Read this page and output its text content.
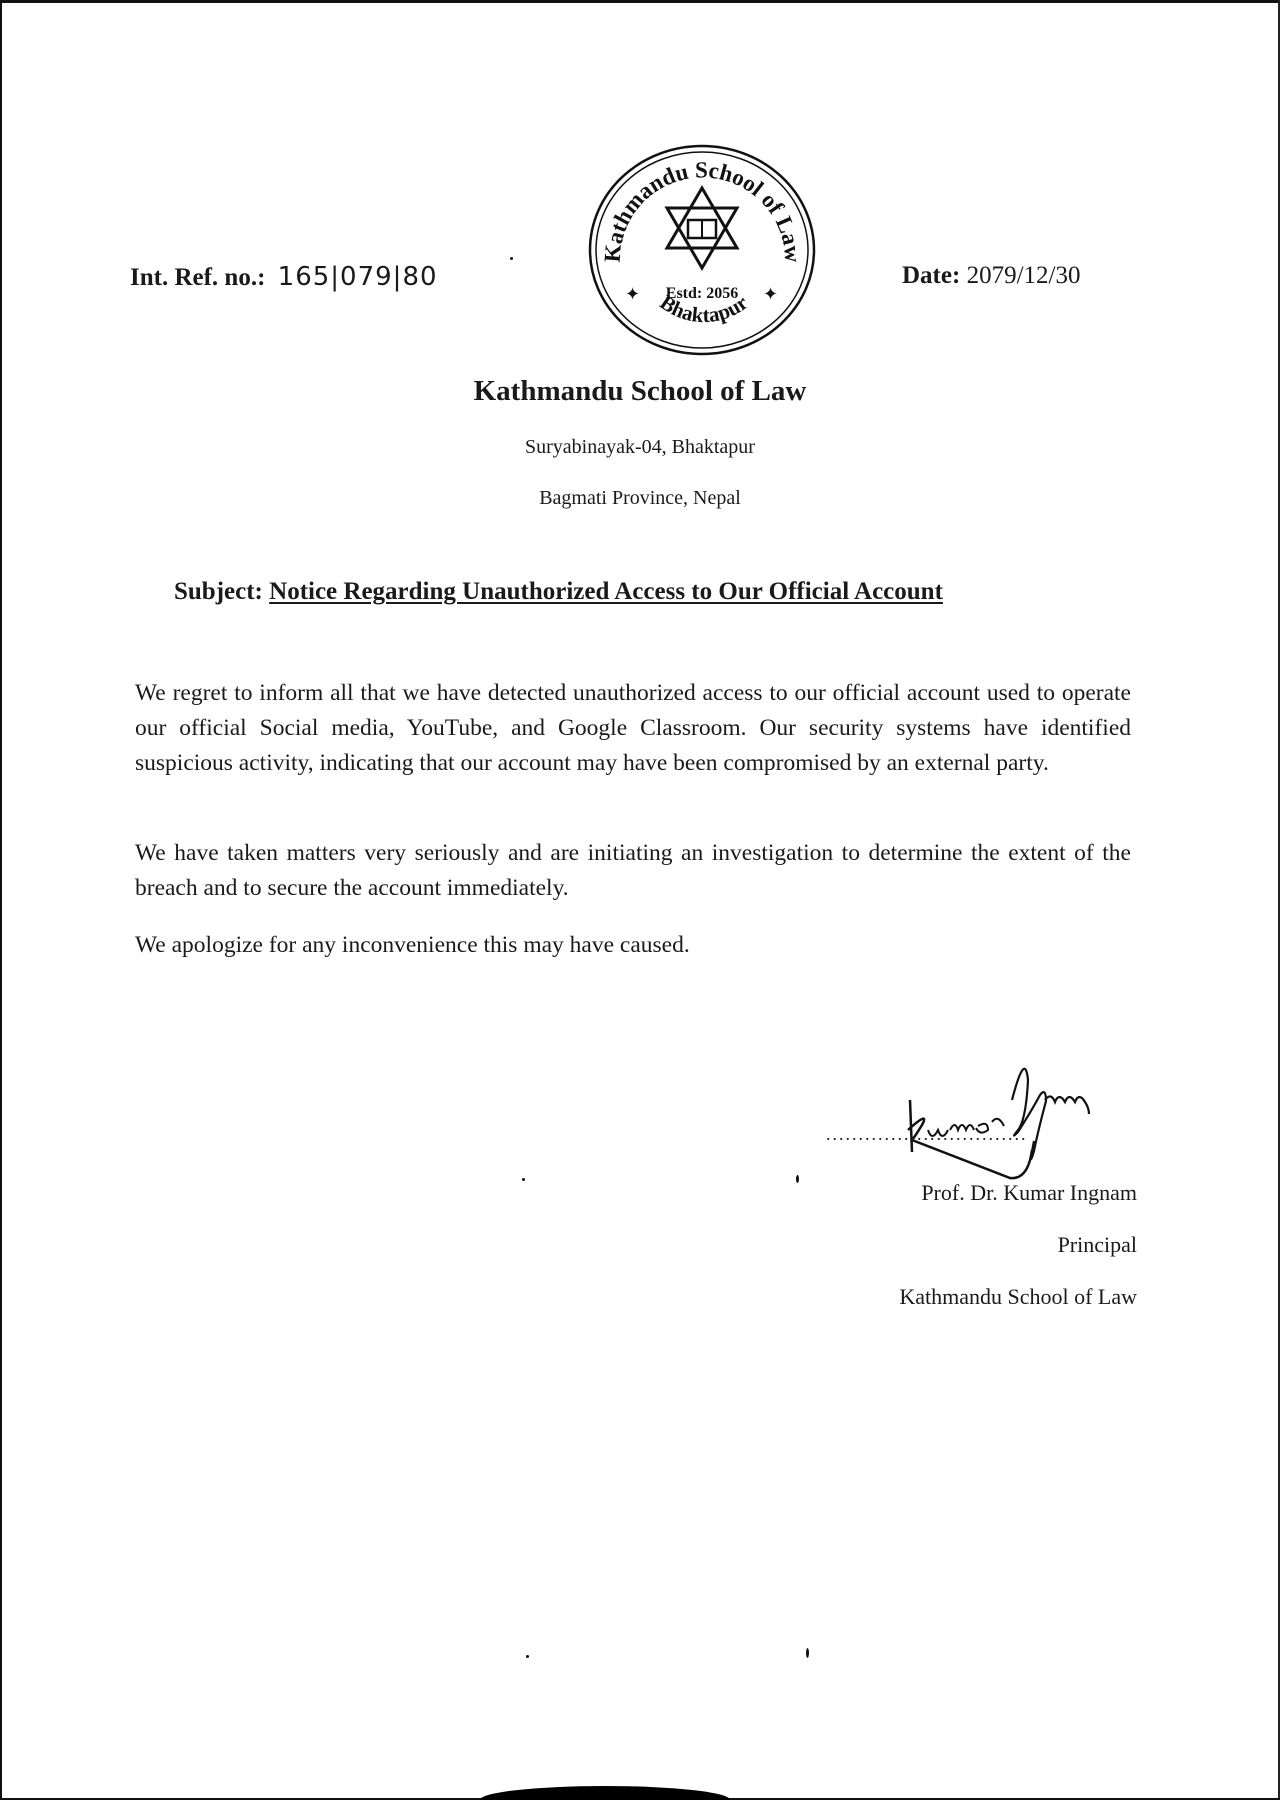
Int. Ref. no.: 165|079|80	Date: 2079/12/30
Kathmandu School of Law
Estd: 2056
✦	✦
Bhaktapur
Kathmandu School of Law
Suryabinayak-04, Bhaktapur
Bagmati Province, Nepal
Subject: Notice Regarding Unauthorized Access to Our Official Account

We regret to inform all that we have detected unauthorized access to our official account used to operate our official Social media, YouTube, and Google Classroom. Our security systems have identified suspicious activity, indicating that our account may have been compromised by an external party.

We have taken matters very seriously and are initiating an investigation to determine the extent of the breach and to secure the account immediately.

We apologize for any inconvenience this may have caused.

...............................
Prof. Dr. Kumar Ingnam
Principal
Kathmandu School of Law
